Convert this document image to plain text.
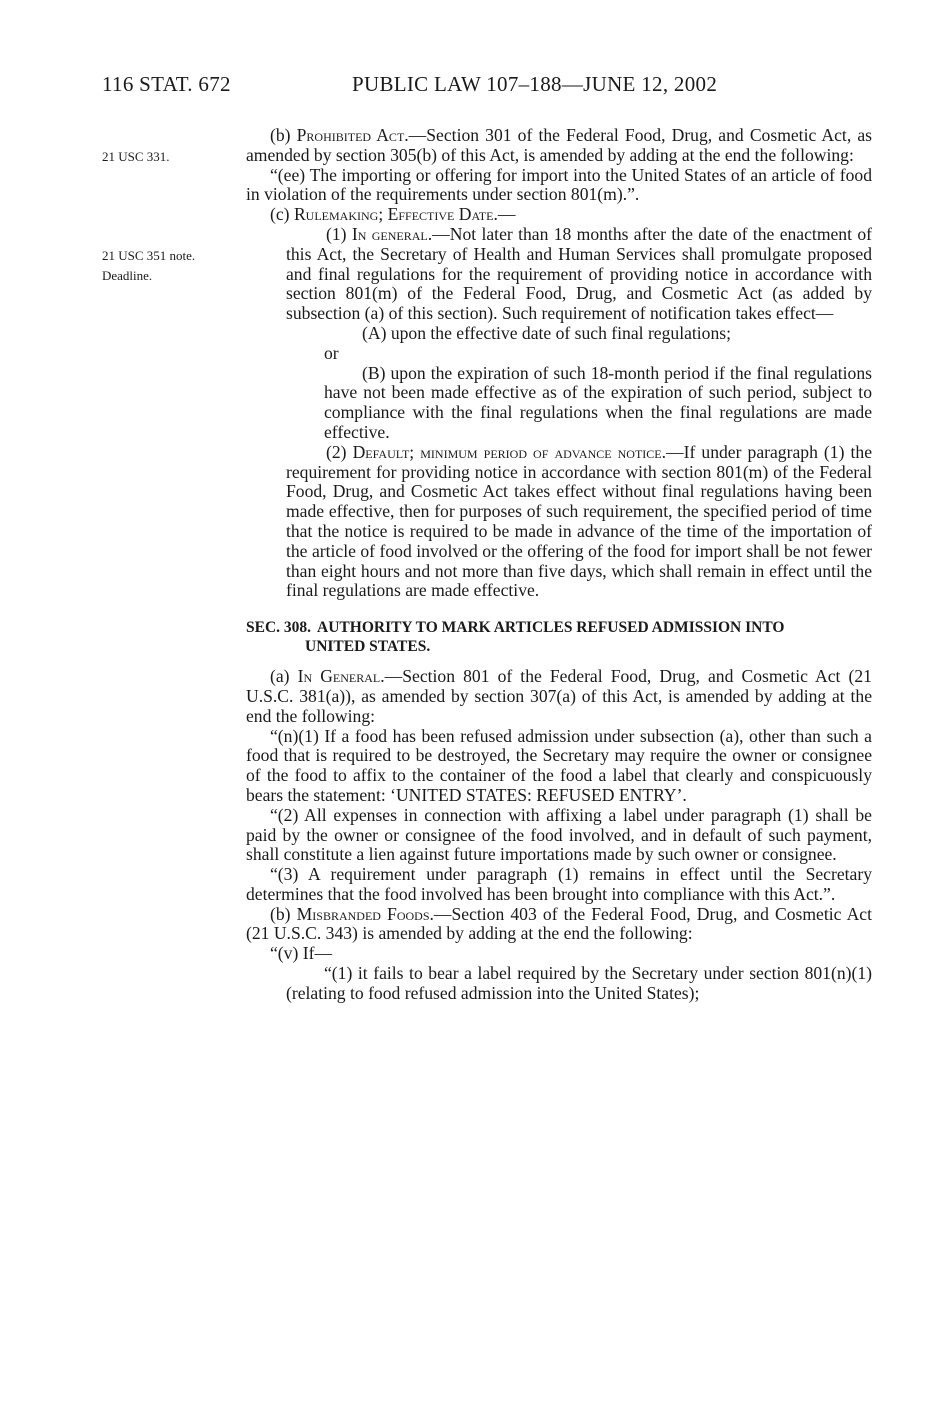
116 STAT. 672	PUBLIC LAW 107–188—JUNE 12, 2002
21 USC 331.
21 USC 351 note.
Deadline.

(b) Prohibited Act.—Section 301 of the Federal Food, Drug, and Cosmetic Act, as amended by section 305(b) of this Act, is amended by adding at the end the following:

“(ee) The importing or offering for import into the United States of an article of food in violation of the requirements under section 801(m).”.

(c) Rulemaking; Effective Date.—

(1) In general.—Not later than 18 months after the date of the enactment of this Act, the Secretary of Health and Human Services shall promulgate proposed and final regulations for the requirement of providing notice in accordance with section 801(m) of the Federal Food, Drug, and Cosmetic Act (as added by subsection (a) of this section). Such requirement of notification takes effect—

(A) upon the effective date of such final regulations;

or

(B) upon the expiration of such 18-month period if the final regulations have not been made effective as of the expiration of such period, subject to compliance with the final regulations when the final regulations are made effective.

(2) Default; minimum period of advance notice.—If under paragraph (1) the requirement for providing notice in accordance with section 801(m) of the Federal Food, Drug, and Cosmetic Act takes effect without final regulations having been made effective, then for purposes of such requirement, the specified period of time that the notice is required to be made in advance of the time of the importation of the article of food involved or the offering of the food for import shall be not fewer than eight hours and not more than five days, which shall remain in effect until the final regulations are made effective.

SEC. 308. AUTHORITY TO MARK ARTICLES REFUSED ADMISSION INTO
UNITED STATES.

(a) In General.—Section 801 of the Federal Food, Drug, and Cosmetic Act (21 U.S.C. 381(a)), as amended by section 307(a) of this Act, is amended by adding at the end the following:

“(n)(1) If a food has been refused admission under subsection (a), other than such a food that is required to be destroyed, the Secretary may require the owner or consignee of the food to affix to the container of the food a label that clearly and conspicuously bears the statement: ‘UNITED STATES: REFUSED ENTRY’.

“(2) All expenses in connection with affixing a label under paragraph (1) shall be paid by the owner or consignee of the food involved, and in default of such payment, shall constitute a lien against future importations made by such owner or consignee.

“(3) A requirement under paragraph (1) remains in effect until the Secretary determines that the food involved has been brought into compliance with this Act.”.

(b) Misbranded Foods.—Section 403 of the Federal Food, Drug, and Cosmetic Act (21 U.S.C. 343) is amended by adding at the end the following:

“(v) If—

“(1) it fails to bear a label required by the Secretary under section 801(n)(1) (relating to food refused admission into the United States);
